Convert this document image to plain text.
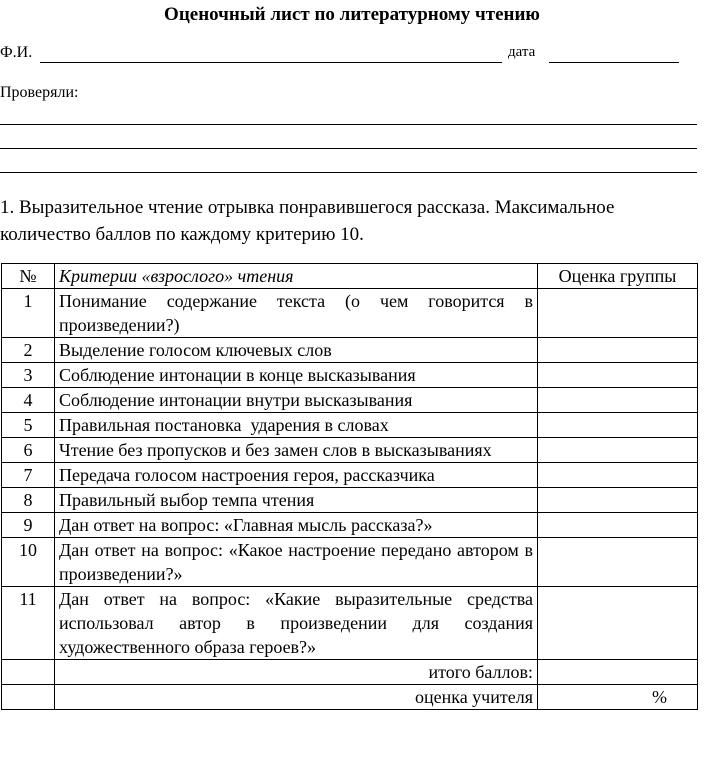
Оценочный лист по литературному чтению
Ф.И.	дата
Проверяли:
1. Выразительное чтение отрывка понравившегося рассказа. Максимальное количество баллов по каждому критерию 10.
№	Критерии «взрослого» чтения	Оценка группы
1	Понимание содержание текста (о чем говорится в произведении?)	
2	Выделение голосом ключевых слов	
3	Соблюдение интонации в конце высказывания	
4	Соблюдение интонации внутри высказывания	
5	Правильная постановка  ударения в словах	
6	Чтение без пропусков и без замен слов в высказываниях	
7	Передача голосом настроения героя, рассказчика	
8	Правильный выбор темпа чтения	
9	Дан ответ на вопрос: «Главная мысль рассказа?»	
10	Дан ответ на вопрос: «Какое настроение передано автором в произведении?»	
11	Дан ответ на вопрос: «Какие выразительные средства использовал автор в произведении для создания художественного образа героев?»	
	итого баллов:	
	оценка учителя	%
